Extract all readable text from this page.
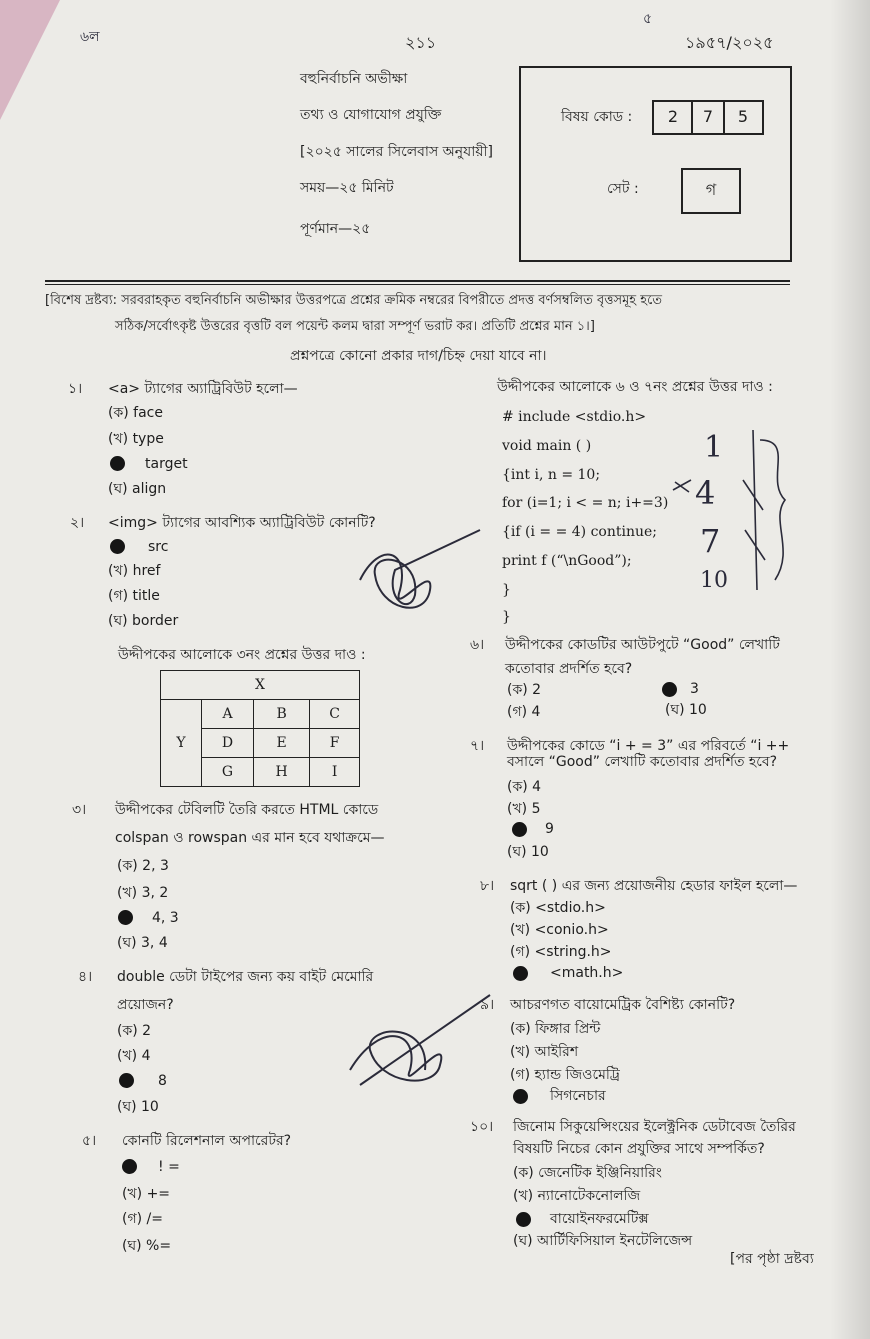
৬ল	২১১
৫
১৯৫৭/২০২৫
বহুনির্বাচনি অভীক্ষা
তথ্য ও যোগাযোগ প্রযুক্তি
[২০২৫ সালের সিলেবাস অনুযায়ী]
সময়—২৫ মিনিট
পূর্ণমান—২৫
বিষয় কোড :	2	7	5
সেট :	গ
[বিশেষ দ্রষ্টব্য: সরবরাহকৃত বহুনির্বাচনি অভীক্ষার উত্তরপত্রে প্রশ্নের ক্রমিক নম্বরের বিপরীতে প্রদত্ত বর্ণসম্বলিত বৃত্তসমূহ হতে
সঠিক/সর্বোৎকৃষ্ট উত্তরের বৃত্তটি বল পয়েন্ট কলম দ্বারা সম্পূর্ণ ভরাট কর। প্রতিটি প্রশ্নের মান ১।]
প্রশ্নপত্রে কোনো প্রকার দাগ/চিহ্ন দেয়া যাবে না।
১। <a> ট্যাগের অ্যাট্রিবিউট হলো—
(ক) face
(খ) type
target
(ঘ) align
২। <img> ট্যাগের আবশ্যিক অ্যাট্রিবিউট কোনটি?
src
(খ) href
(গ) title
(ঘ) border
উদ্দীপকের আলোকে ৩নং প্রশ্নের উত্তর দাও :
X			
Y	A	B	C
	D	E	F
	G	H	I
৩। উদ্দীপকের টেবিলটি তৈরি করতে HTML কোডে
colspan ও rowspan এর মান হবে যথাক্রমে—
(ক) 2, 3
(খ) 3, 2
4, 3
(ঘ) 3, 4
৪। double ডেটা টাইপের জন্য কয় বাইট মেমোরি
প্রয়োজন?
(ক) 2
(খ) 4
8
(ঘ) 10
৫। কোনটি রিলেশনাল অপারেটর?
! =
(খ) +=
(গ) /=
(ঘ) %=
উদ্দীপকের আলোকে ৬ ও ৭নং প্রশ্নের উত্তর দাও :
# include <stdio.h>
void main ( )
{int i, n = 10;
for (i=1; i < = n; i+=3)
{if (i = = 4) continue;
print f (“\nGood”);
}
}
1
4
7
10
৬। উদ্দীপকের কোডটির আউটপুটে “Good” লেখাটি
কতোবার প্রদর্শিত হবে?
(ক) 2	3
(গ) 4	(ঘ) 10
৭। উদ্দীপকের কোডে “i + = 3” এর পরিবর্তে “i ++
বসালে “Good” লেখাটি কতোবার প্রদর্শিত হবে?
(ক) 4
(খ) 5
9
(ঘ) 10
৮। sqrt ( ) এর জন্য প্রয়োজনীয় হেডার ফাইল হলো—
(ক) <stdio.h>
(খ) <conio.h>
(গ) <string.h>
<math.h>
৯। আচরণগত বায়োমেট্রিক বৈশিষ্ট্য কোনটি?
(ক) ফিঙ্গার প্রিন্ট
(খ) আইরিশ
(গ) হ্যান্ড জিওমেট্রি
সিগনেচার
১০। জিনোম সিকুয়েন্সিংয়ের ইলেক্ট্রনিক ডেটাবেজ তৈরির
বিষয়টি নিচের কোন প্রযুক্তির সাথে সম্পর্কিত?
(ক) জেনেটিক ইঞ্জিনিয়ারিং
(খ) ন্যানোটেকনোলজি
বায়োইনফরমেটিক্স
(ঘ) আর্টিফিসিয়াল ইনটেলিজেন্স
[পর পৃষ্ঠা দ্রষ্টব্য
